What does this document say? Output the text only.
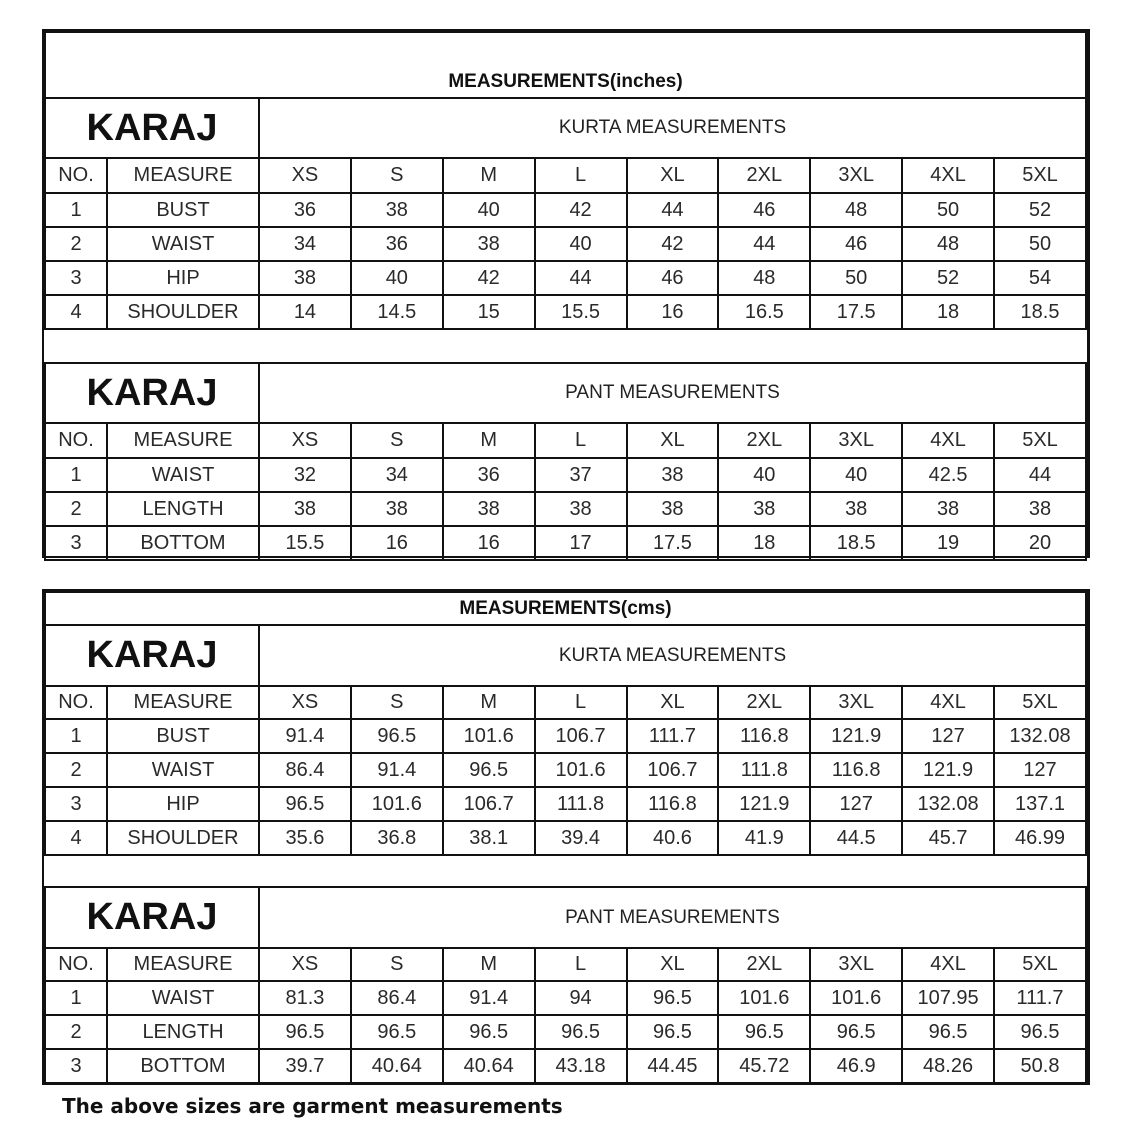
MEASUREMENTS(inches)										
KARAJ		KURTA MEASUREMENTS								
NO.	MEASURE	XS	S	M	L	XL	2XL	3XL	4XL	5XL
1	BUST	36	38	40	42	44	46	48	50	52
2	WAIST	34	36	38	40	42	44	46	48	50
3	HIP	38	40	42	44	46	48	50	52	54
4	SHOULDER	14	14.5	15	15.5	16	16.5	17.5	18	18.5

KARAJ		PANT MEASUREMENTS								
NO.	MEASURE	XS	S	M	L	XL	2XL	3XL	4XL	5XL
1	WAIST	32	34	36	37	38	40	40	42.5	44
2	LENGTH	38	38	38	38	38	38	38	38	38
3	BOTTOM	15.5	16	16	17	17.5	18	18.5	19	20
MEASUREMENTS(cms)										
KARAJ		KURTA MEASUREMENTS								
NO.	MEASURE	XS	S	M	L	XL	2XL	3XL	4XL	5XL
1	BUST	91.4	96.5	101.6	106.7	111.7	116.8	121.9	127	132.08
2	WAIST	86.4	91.4	96.5	101.6	106.7	111.8	116.8	121.9	127
3	HIP	96.5	101.6	106.7	111.8	116.8	121.9	127	132.08	137.1
4	SHOULDER	35.6	36.8	38.1	39.4	40.6	41.9	44.5	45.7	46.99

KARAJ		PANT MEASUREMENTS								
NO.	MEASURE	XS	S	M	L	XL	2XL	3XL	4XL	5XL
1	WAIST	81.3	86.4	91.4	94	96.5	101.6	101.6	107.95	111.7
2	LENGTH	96.5	96.5	96.5	96.5	96.5	96.5	96.5	96.5	96.5
3	BOTTOM	39.7	40.64	40.64	43.18	44.45	45.72	46.9	48.26	50.8
The above sizes are garment measurements
